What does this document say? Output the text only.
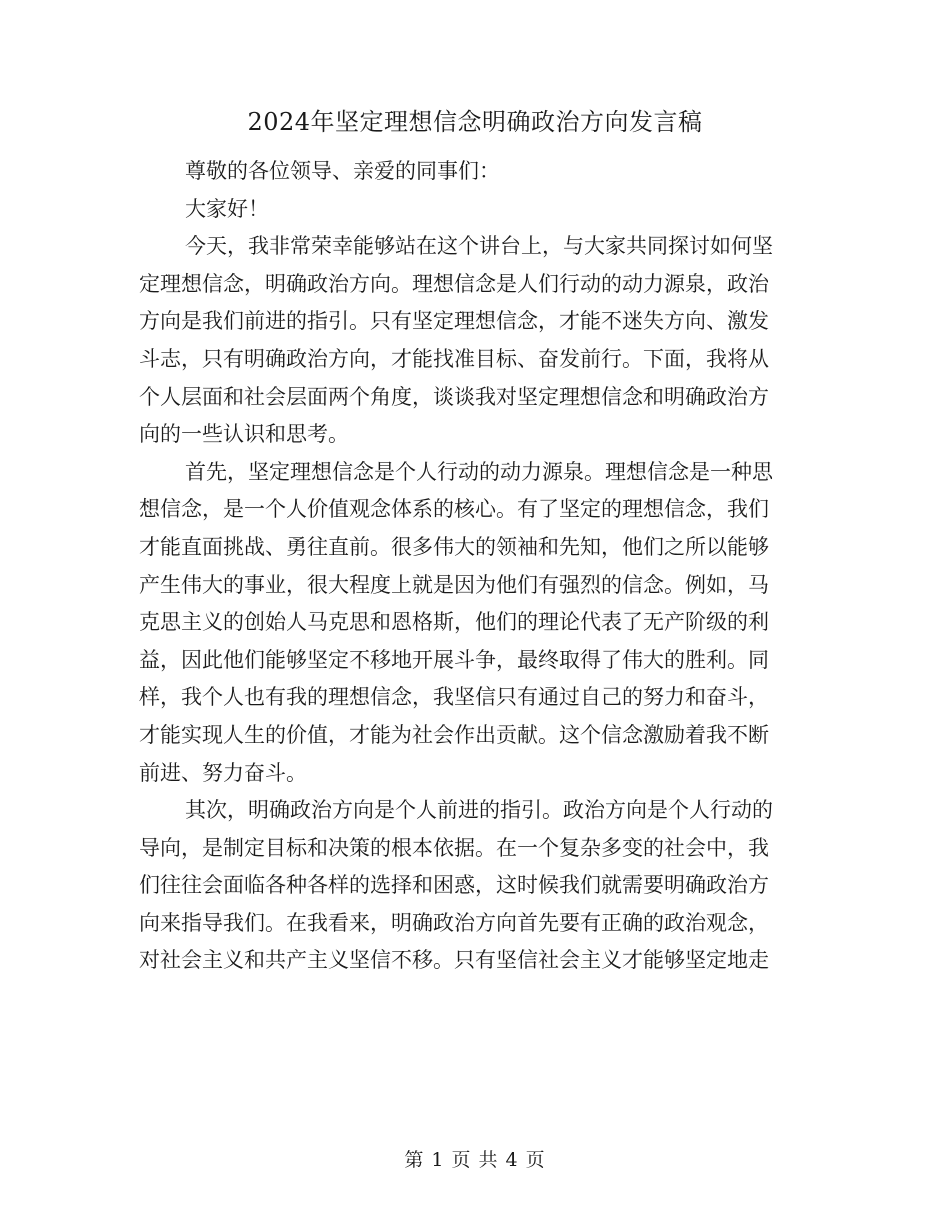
2024年坚定理想信念明确政治方向发言稿
尊敬的各位领导、亲爱的同事们：
大家好！
今天，我非常荣幸能够站在这个讲台上，与大家共同探讨如何坚
定理想信念，明确政治方向。理想信念是人们行动的动力源泉，政治
方向是我们前进的指引。只有坚定理想信念，才能不迷失方向、激发
斗志，只有明确政治方向，才能找准目标、奋发前行。下面，我将从
个人层面和社会层面两个角度，谈谈我对坚定理想信念和明确政治方
向的一些认识和思考。
首先，坚定理想信念是个人行动的动力源泉。理想信念是一种思
想信念，是一个人价值观念体系的核心。有了坚定的理想信念，我们
才能直面挑战、勇往直前。很多伟大的领袖和先知，他们之所以能够
产生伟大的事业，很大程度上就是因为他们有强烈的信念。例如，马
克思主义的创始人马克思和恩格斯，他们的理论代表了无产阶级的利
益，因此他们能够坚定不移地开展斗争，最终取得了伟大的胜利。同
样，我个人也有我的理想信念，我坚信只有通过自己的努力和奋斗，
才能实现人生的价值，才能为社会作出贡献。这个信念激励着我不断
前进、努力奋斗。
其次，明确政治方向是个人前进的指引。政治方向是个人行动的
导向，是制定目标和决策的根本依据。在一个复杂多变的社会中，我
们往往会面临各种各样的选择和困惑，这时候我们就需要明确政治方
向来指导我们。在我看来，明确政治方向首先要有正确的政治观念，
对社会主义和共产主义坚信不移。只有坚信社会主义才能够坚定地走
第 1 页 共 4 页
